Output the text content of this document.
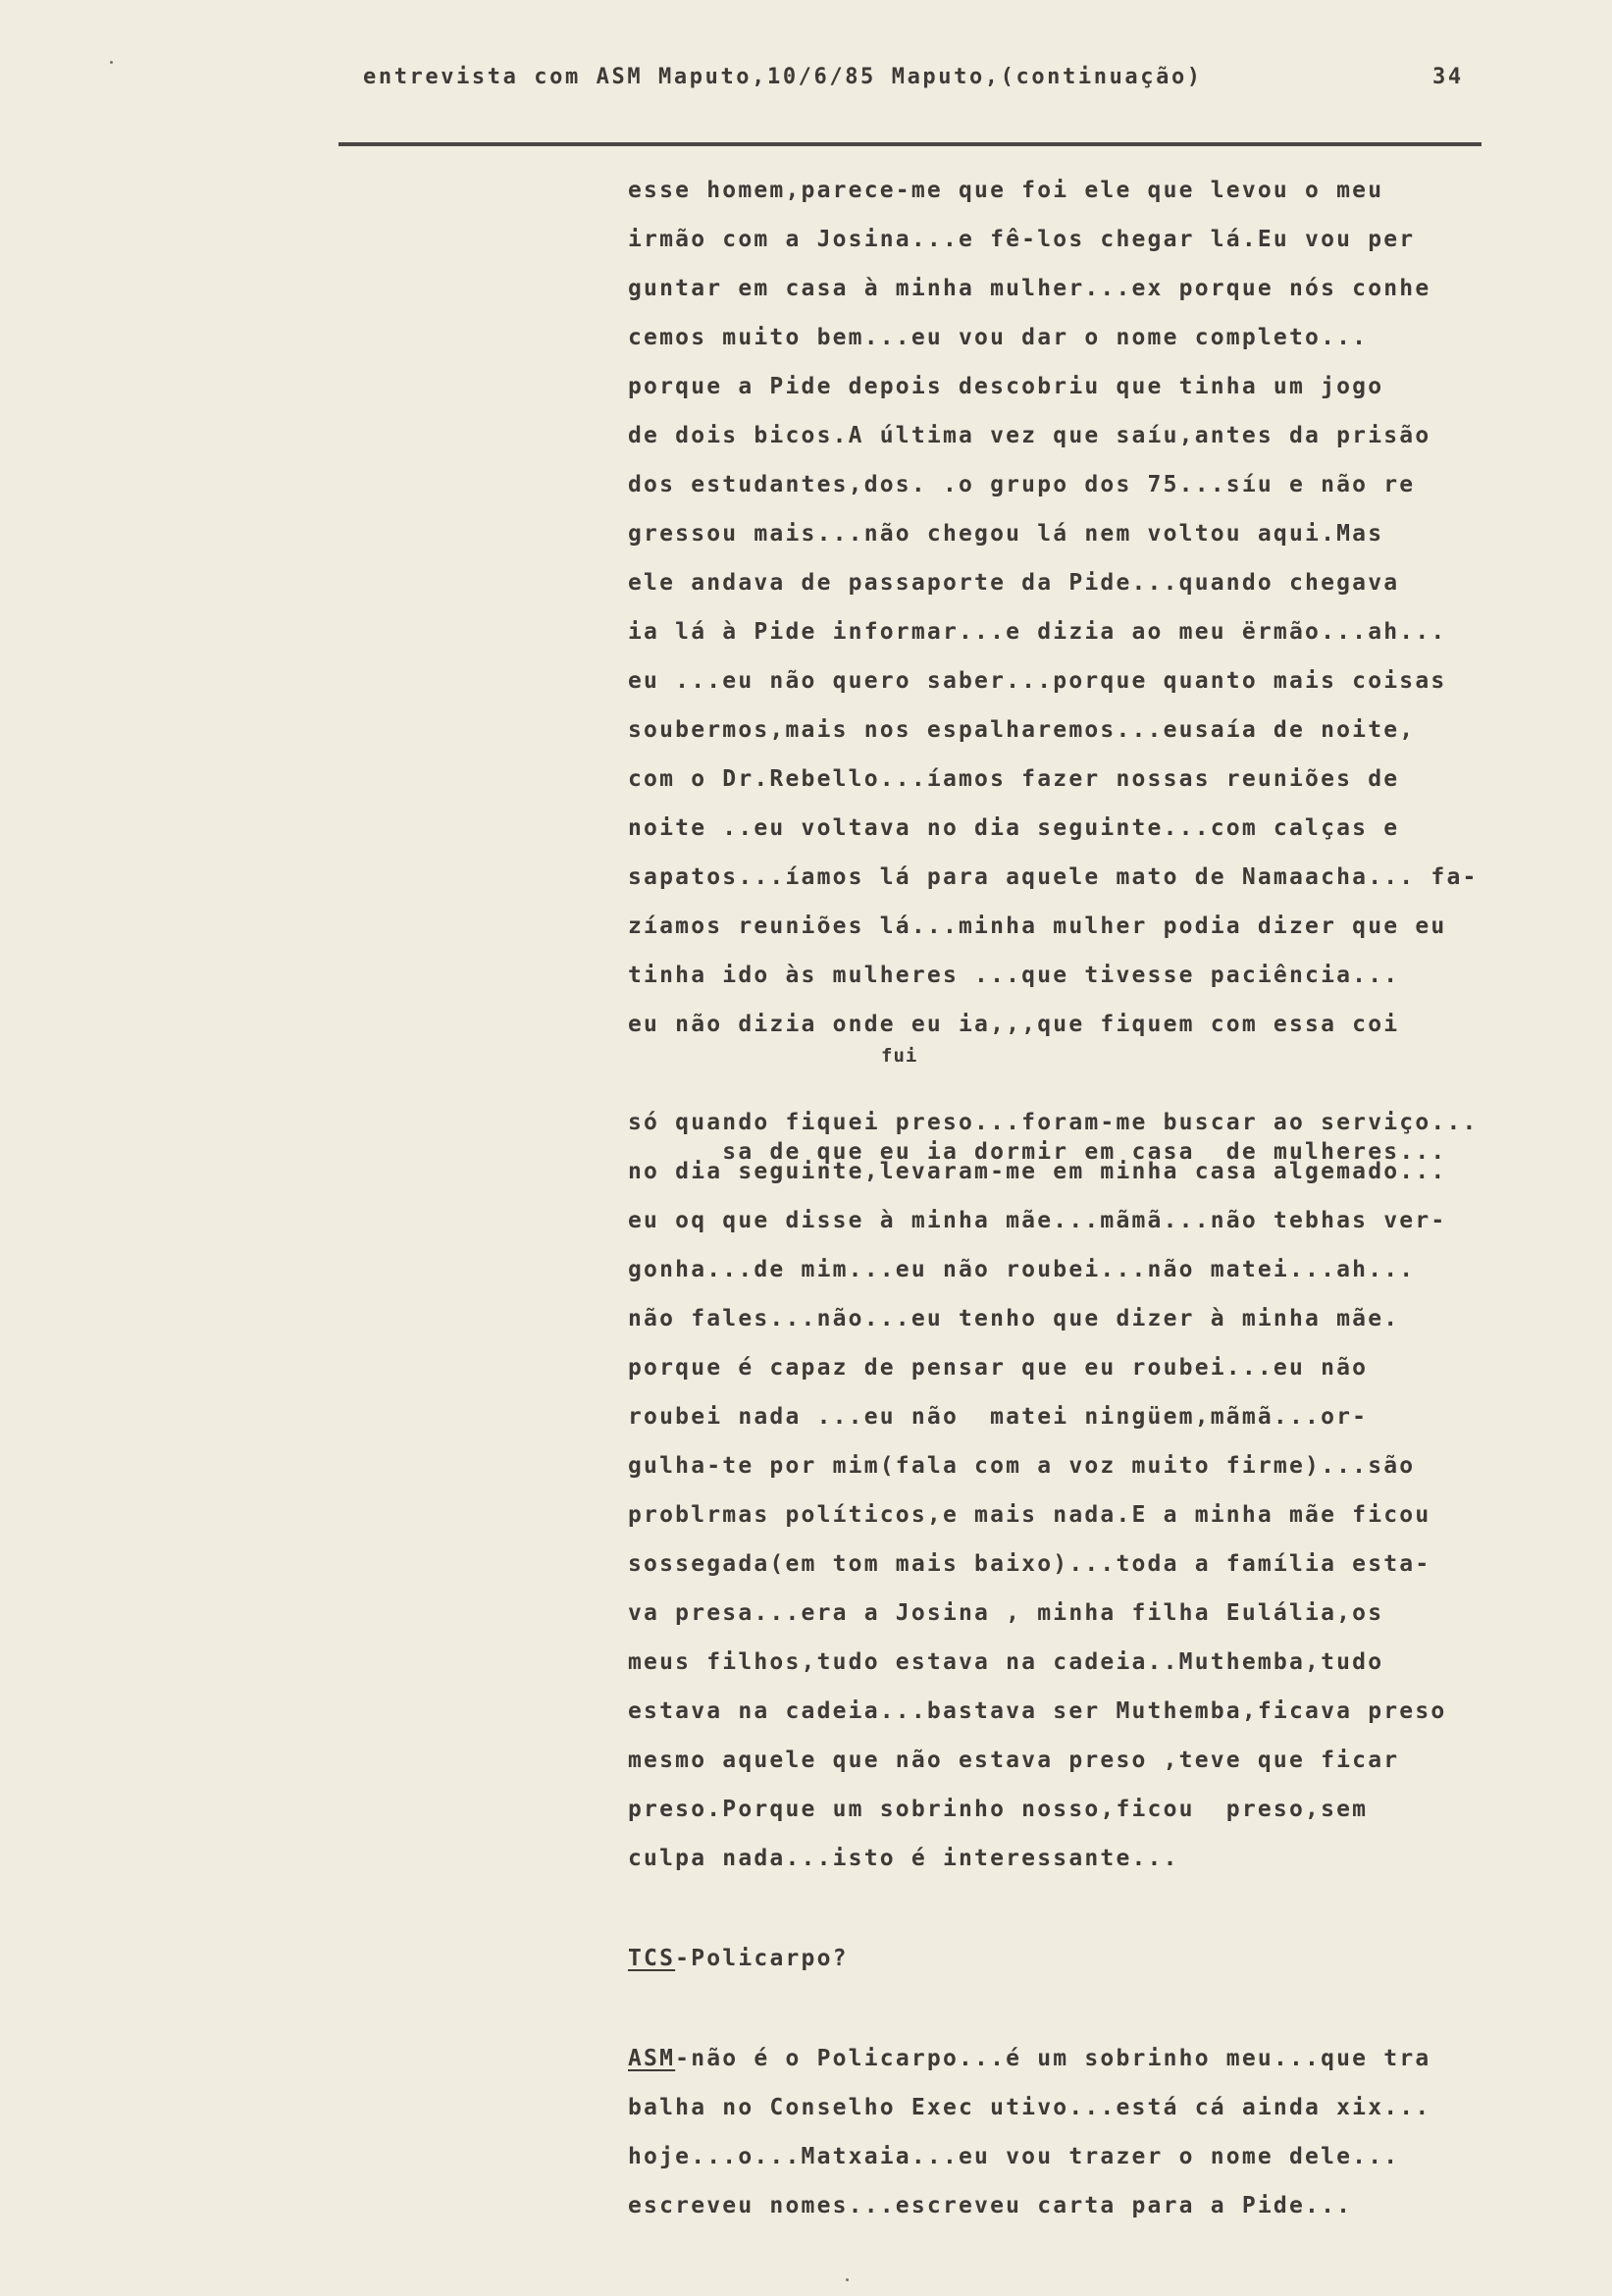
entrevista com ASM Maputo,10/6/85 Maputo,(continuação)	34
esse homem,parece-me que foi ele que levou o meu
irmão com a Josina...e fê-los chegar lá.Eu vou per
guntar em casa à minha mulher...ex porque nós conhe
cemos muito bem...eu vou dar o nome completo...
porque a Pide depois descobriu que tinha um jogo
de dois bicos.A última vez que saíu,antes da prisão
dos estudantes,dos. .o grupo dos 75...síu e não re
gressou mais...não chegou lá nem voltou aqui.Mas
ele andava de passaporte da Pide...quando chegava
ia lá à Pide informar...e dizia ao meu ërmão...ah...
eu ...eu não quero saber...porque quanto mais coisas
soubermos,mais nos espalharemos...eusaía de noite,
com o Dr.Rebello...íamos fazer nossas reuniões de
noite ..eu voltava no dia seguinte...com calças e
sapatos...íamos lá para aquele mato de Namaacha... fa-
zíamos reuniões lá...minha mulher podia dizer que eu
tinha ido às mulheres ...que tivesse paciência...
eu não dizia onde eu ia,,,que fiquem com essa coi

fui

sa de que eu ia dormir em casa  de mulheres...

só quando fiquei preso...foram-me buscar ao serviço...
no dia seguinte,levaram-me em minha casa algemado...
eu oq que disse à minha mãe...mãmã...não tebhas ver-
gonha...de mim...eu não roubei...não matei...ah...
não fales...não...eu tenho que dizer à minha mãe.
porque é capaz de pensar que eu roubei...eu não
roubei nada ...eu não  matei ningüem,mãmã...or-
gulha-te por mim(fala com a voz muito firme)...são
problrmas políticos,e mais nada.E a minha mãe ficou
sossegada(em tom mais baixo)...toda a família esta-
va presa...era a Josina , minha filha Eulália,os
meus filhos,tudo estava na cadeia..Muthemba,tudo
estava na cadeia...bastava ser Muthemba,ficava preso
mesmo aquele que não estava preso ,teve que ficar
preso.Porque um sobrinho nosso,ficou  preso,sem
culpa nada...isto é interessante...
TCS-Policarpo?
ASM-não é o Policarpo...é um sobrinho meu...que tra
balha no Conselho Exec utivo...está cá ainda xix...
hoje...o...Matxaia...eu vou trazer o nome dele...
escreveu nomes...escreveu carta para a Pide...
